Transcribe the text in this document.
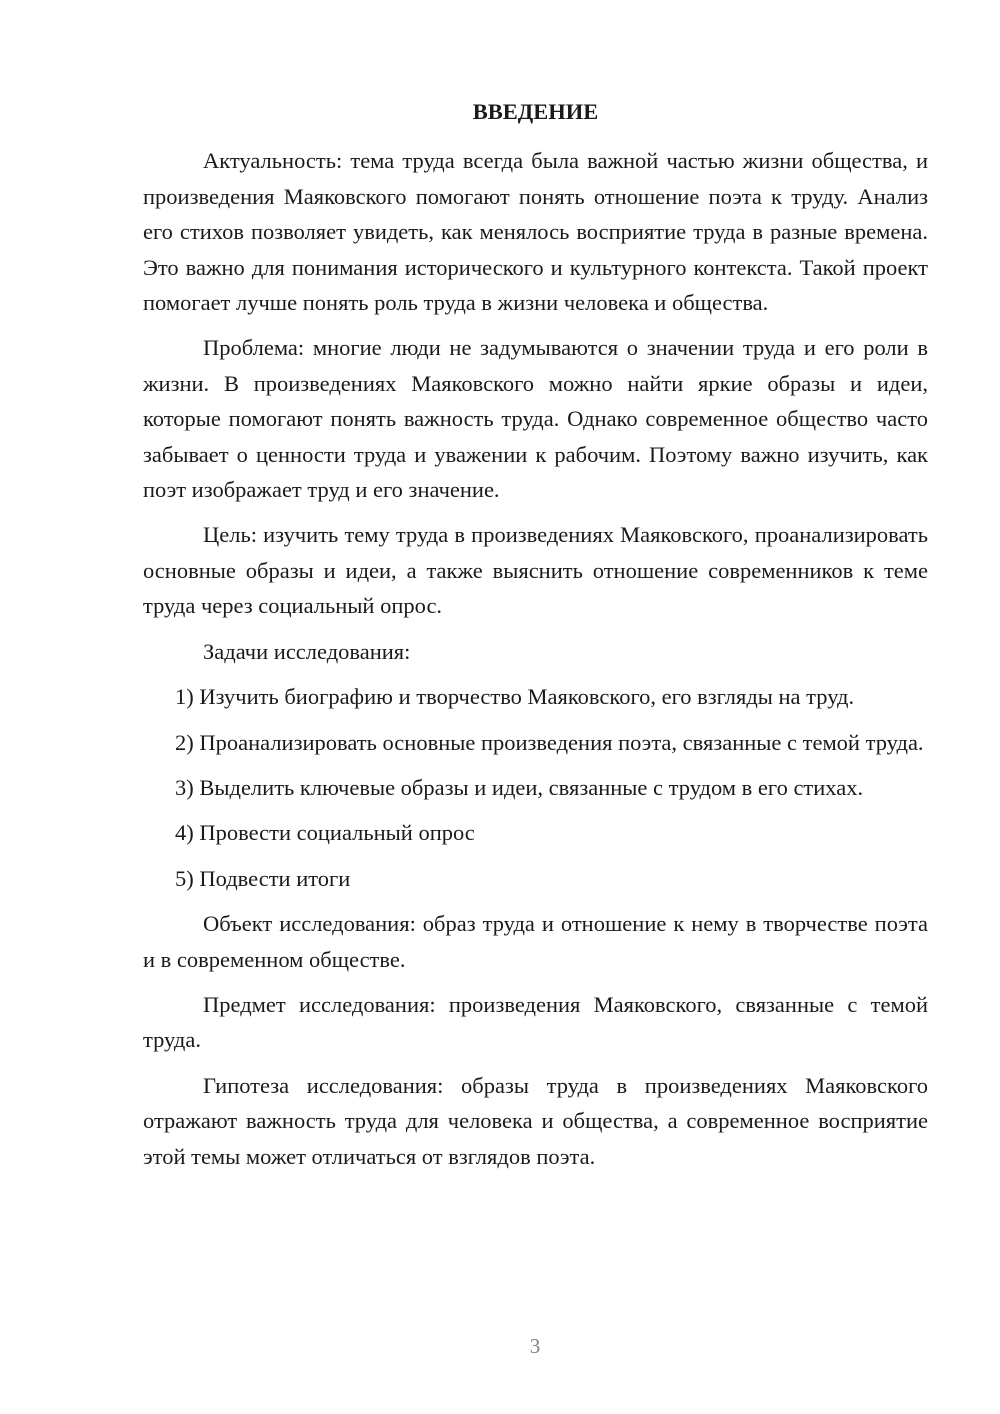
ВВЕДЕНИЕ

Актуальность: тема труда всегда была важной частью жизни общества, и произведения Маяковского помогают понять отношение поэта к труду. Анализ его стихов позволяет увидеть, как менялось восприятие труда в разные времена. Это важно для понимания исторического и культурного контекста. Такой проект помогает лучше понять роль труда в жизни человека и общества.

Проблема: многие люди не задумываются о значении труда и его роли в жизни. В произведениях Маяковского можно найти яркие образы и идеи, которые помогают понять важность труда. Однако современное общество часто забывает о ценности труда и уважении к рабочим. Поэтому важно изучить, как поэт изображает труд и его значение.

Цель: изучить тему труда в произведениях Маяковского, проанализировать основные образы и идеи, а также выяснить отношение современников к теме труда через социальный опрос.

Задачи исследования:

1) Изучить биографию и творчество Маяковского, его взгляды на труд.

2) Проанализировать основные произведения поэта, связанные с темой труда.

3) Выделить ключевые образы и идеи, связанные с трудом в его стихах.

4) Провести социальный опрос

5) Подвести итоги

Объект исследования: образ труда и отношение к нему в творчестве поэта и в современном обществе.

Предмет исследования: произведения Маяковского, связанные с темой труда.

Гипотеза исследования: образы труда в произведениях Маяковского отражают важность труда для человека и общества, а современное восприятие этой темы может отличаться от взглядов поэта.

3
